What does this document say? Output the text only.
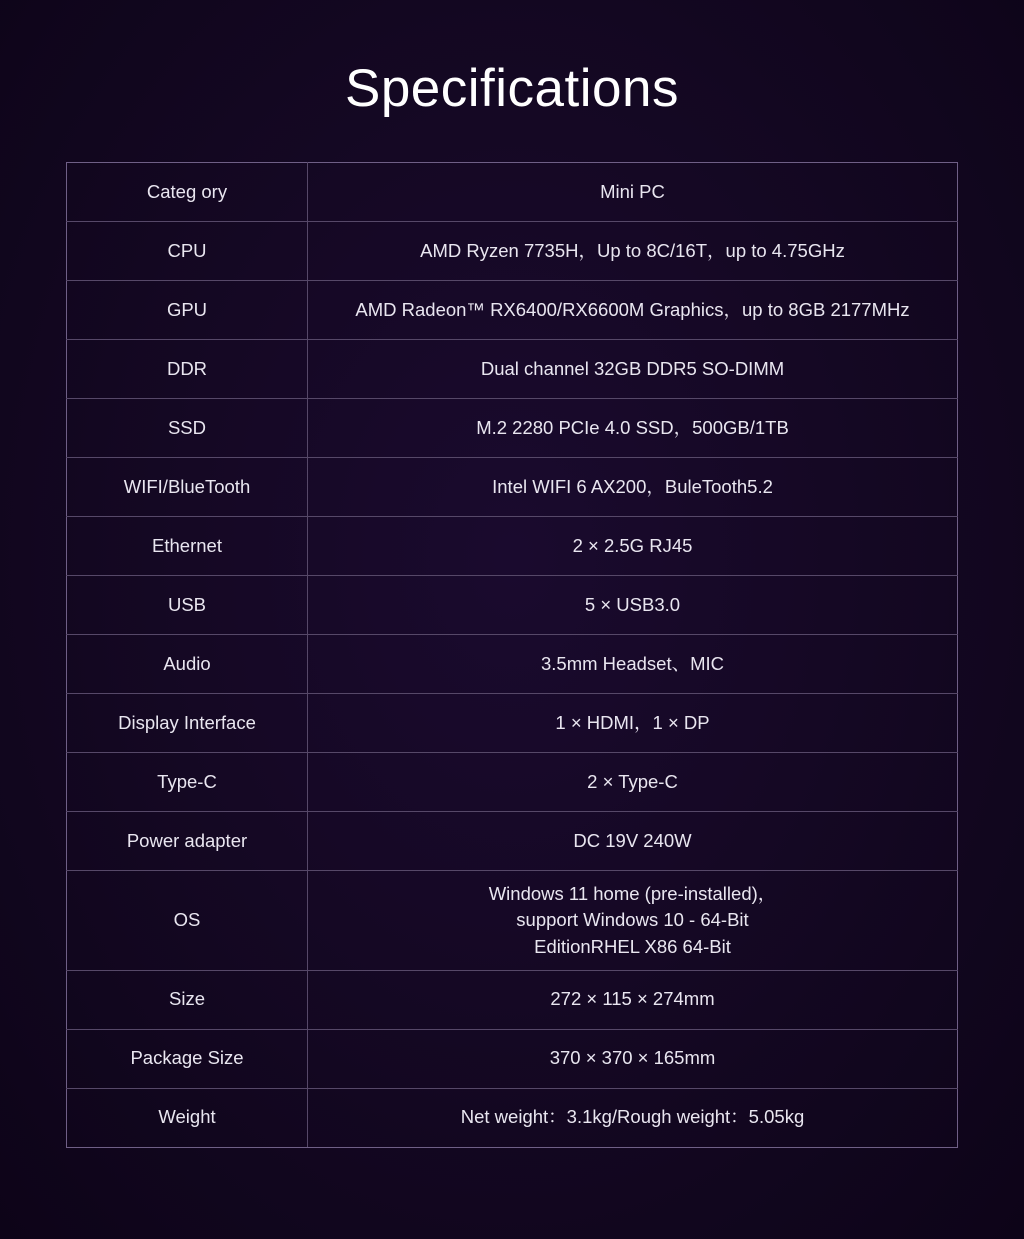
Specifications
Categ ory	Mini PC
CPU	AMD Ryzen 7735H，Up to 8C/16T，up to 4.75GHz
GPU	AMD Radeon™ RX6400/RX6600M Graphics，up to 8GB 2177MHz
DDR	Dual channel 32GB DDR5 SO-DIMM
SSD	M.2 2280 PCIe 4.0 SSD，500GB/1TB
WIFI/BlueTooth	Intel WIFI 6 AX200，BuleTooth5.2
Ethernet	2 × 2.5G RJ45
USB	5 × USB3.0
Audio	3.5mm Headset、MIC
Display Interface	1 × HDMI，1 × DP
Type-C	2 × Type-C
Power adapter	DC 19V 240W
OS	Windows 11 home (pre-installed)，
support Windows 10 - 64-Bit
EditionRHEL X86 64-Bit

Size	272 × 115 × 274mm
Package Size	370 × 370 × 165mm
Weight	Net weight：3.1kg/Rough weight：5.05kg
